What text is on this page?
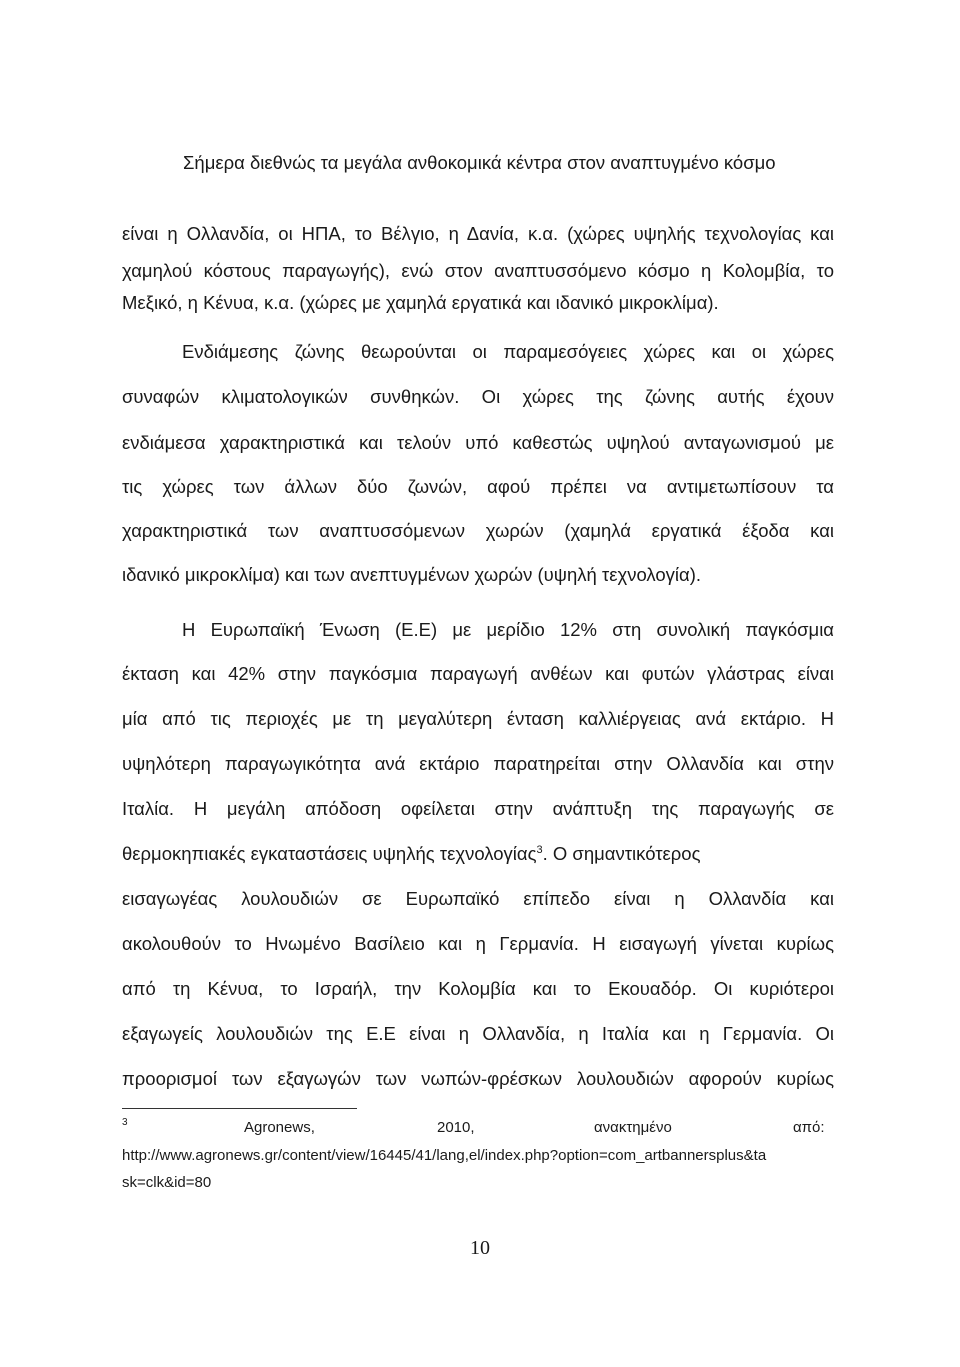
Σήμερα διεθνώς τα μεγάλα ανθοκομικά κέντρα στον αναπτυγμένο κόσμο
είναι η Ολλανδία, οι ΗΠΑ, το Βέλγιο, η Δανία, κ.α. (χώρες υψηλής τεχνολογίας και
χαμηλού κόστους παραγωγής), ενώ στον αναπτυσσόμενο κόσμο η Κολομβία, το
Μεξικό, η Κένυα, κ.α. (χώρες με χαμηλά εργατικά και ιδανικό μικροκλίμα).
Ενδιάμεσης ζώνης θεωρούνται οι παραμεσόγειες χώρες και οι χώρες
συναφών κλιματολογικών συνθηκών. Οι χώρες της ζώνης αυτής έχουν
ενδιάμεσα χαρακτηριστικά και τελούν υπό καθεστώς υψηλού ανταγωνισμού με
τις χώρες των άλλων δύο ζωνών, αφού πρέπει να αντιμετωπίσουν τα
χαρακτηριστικά των αναπτυσσόμενων χωρών (χαμηλά εργατικά έξοδα και
ιδανικό μικροκλίμα) και των ανεπτυγμένων χωρών (υψηλή τεχνολογία).
Η Ευρωπαϊκή Ένωση (Ε.Ε) με μερίδιο 12% στη συνολική παγκόσμια
έκταση και 42% στην παγκόσμια παραγωγή ανθέων και φυτών γλάστρας είναι
μία από τις περιοχές με τη μεγαλύτερη ένταση καλλιέργειας ανά εκτάριο. Η
υψηλότερη παραγωγικότητα ανά εκτάριο παρατηρείται στην Ολλανδία και στην
Ιταλία. Η μεγάλη απόδοση οφείλεται στην ανάπτυξη της παραγωγής σε
θερμοκηπιακές εγκαταστάσεις υψηλής τεχνολογίας$^3$. Ο σημαντικότερος
εισαγωγέας λουλουδιών σε Ευρωπαϊκό επίπεδο είναι η Ολλανδία και
ακολουθούν το Ηνωμένο Βασίλειο και η Γερμανία. Η εισαγωγή γίνεται κυρίως
από τη Κένυα, το Ισραήλ, την Κολομβία και το Εκουαδόρ. Οι κυριότεροι
εξαγωγείς λουλουδιών της Ε.Ε είναι η Ολλανδία, η Ιταλία και η Γερμανία. Οι
προορισμοί των εξαγωγών των νωπών-φρέσκων λουλουδιών αφορούν κυρίως
3	Agronews,	2010,	ανακτημένο	από:
http://www.agronews.gr/content/view/16445/41/lang,el/index.php?option=com_artbannersplus&ta
sk=clk&id=80
10
